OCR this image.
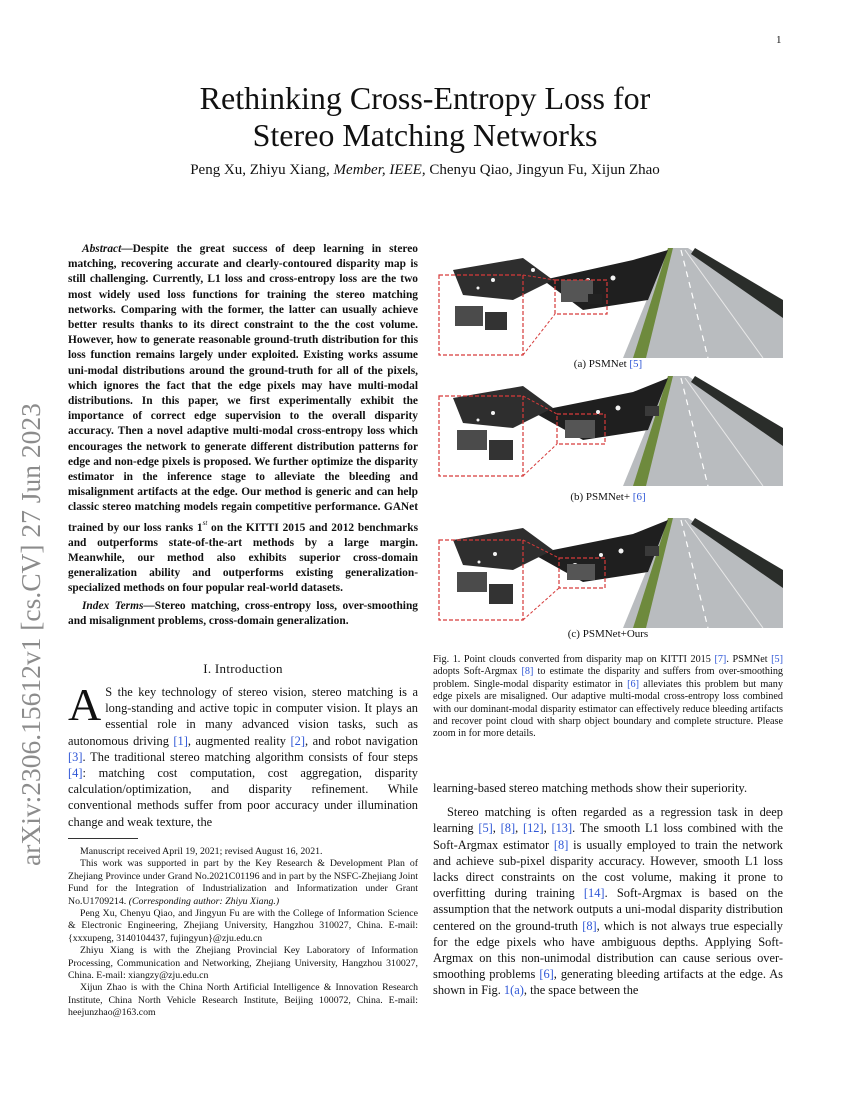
1
arXiv:2306.15612v1 [cs.CV] 27 Jun 2023
Rethinking Cross-Entropy Loss for
Stereo Matching Networks
Peng Xu, Zhiyu Xiang, Member, IEEE, Chenyu Qiao, Jingyun Fu, Xijun Zhao
Abstract—Despite the great success of deep learning in stereo matching, recovering accurate and clearly-contoured disparity map is still challenging. Currently, L1 loss and cross-entropy loss are the two most widely used loss functions for training the stereo matching networks. Comparing with the former, the latter can usually achieve better results thanks to its direct constraint to the the cost volume. However, how to generate reasonable ground-truth distribution for this loss function remains largely under exploited. Existing works assume uni-modal distributions around the ground-truth for all of the pixels, which ignores the fact that the edge pixels may have multi-modal distributions. In this paper, we first experimentally exhibit the importance of correct edge supervision to the overall disparity accuracy. Then a novel adaptive multi-modal cross-entropy loss which encourages the network to generate different distribution patterns for edge and non-edge pixels is proposed. We further optimize the disparity estimator in the inference stage to alleviate the bleeding and misalignment artifacts at the edge. Our method is generic and can help classic stereo matching models regain competitive performance. GANet trained by our loss ranks 1st on the KITTI 2015 and 2012 benchmarks and outperforms state-of-the-art methods by a large margin. Meanwhile, our method also exhibits superior cross-domain generalization ability and outperforms existing generalization-specialized methods on four popular real-world datasets.
Index Terms—Stereo matching, cross-entropy loss, over-smoothing and misalignment problems, cross-domain generalization.
I. Introduction
A S the key technology of stereo vision, stereo matching is a long-standing and active topic in computer vision. It plays an essential role in many advanced vision tasks, such as autonomous driving [1], augmented reality [2], and robot navigation [3]. The traditional stereo matching algorithm consists of four steps [4]: matching cost computation, cost aggregation, disparity calculation/optimization, and disparity refinement. While conventional methods suffer from poor accuracy under illumination change and weak texture, the

Manuscript received April 19, 2021; revised August 16, 2021.

This work was supported in part by the Key Research & Development Plan of Zhejiang Province under Grand No.2021C01196 and in part by the NSFC-Zhejiang Joint Fund for the Integration of Industrialization and Informatization under Grant No.U1709214. (Corresponding author: Zhiyu Xiang.)

Peng Xu, Chenyu Qiao, and Jingyun Fu are with the College of Information Science & Electronic Engineering, Zhejiang University, Hangzhou 310027, China. E-mail: {xxxupeng, 3140104437, fujingyun}@zju.edu.cn

Zhiyu Xiang is with the Zhejiang Provincial Key Laboratory of Information Processing, Communication and Networking, Zhejiang University, Hangzhou 310027, China. E-mail: xiangzy@zju.edu.cn

Xijun Zhao is with the China North Artificial Intelligence & Innovation Research Institute, China North Vehicle Research Institute, Beijing 100072, China. E-mail: heejunzhao@163.com

(a) PSMNet [5]
(b) PSMNet+ [6]
(c) PSMNet+Ours
Fig. 1. Point clouds converted from disparity map on KITTI 2015 [7]. PSMNet [5] adopts Soft-Argmax [8] to estimate the disparity and suffers from over-smoothing problem. Single-modal disparity estimator in [6] alleviates this problem but many edge pixels are misaligned. Our adaptive multi-modal cross-entropy loss combined with our dominant-modal disparity estimator can effectively reduce bleeding artifacts and recover point cloud with sharp object boundary and complete structure. Please zoom in for more details.

learning-based stereo matching methods show their superiority.

Stereo matching is often regarded as a regression task in deep learning [5], [8], [12], [13]. The smooth L1 loss combined with the Soft-Argmax estimator [8] is usually employed to train the network and achieve sub-pixel disparity accuracy. However, smooth L1 loss lacks direct constraints on the cost volume, making it prone to overfitting during training [14]. Soft-Argmax is based on the assumption that the network outputs a uni-modal disparity distribution centered on the ground-truth [8], which is not always true especially for the edge pixels who have ambiguous depths. Applying Soft-Argmax on this non-unimodal distribution can cause serious over-smoothing problems [6], generating bleeding artifacts at the edge. As shown in Fig. 1(a), the space between the
